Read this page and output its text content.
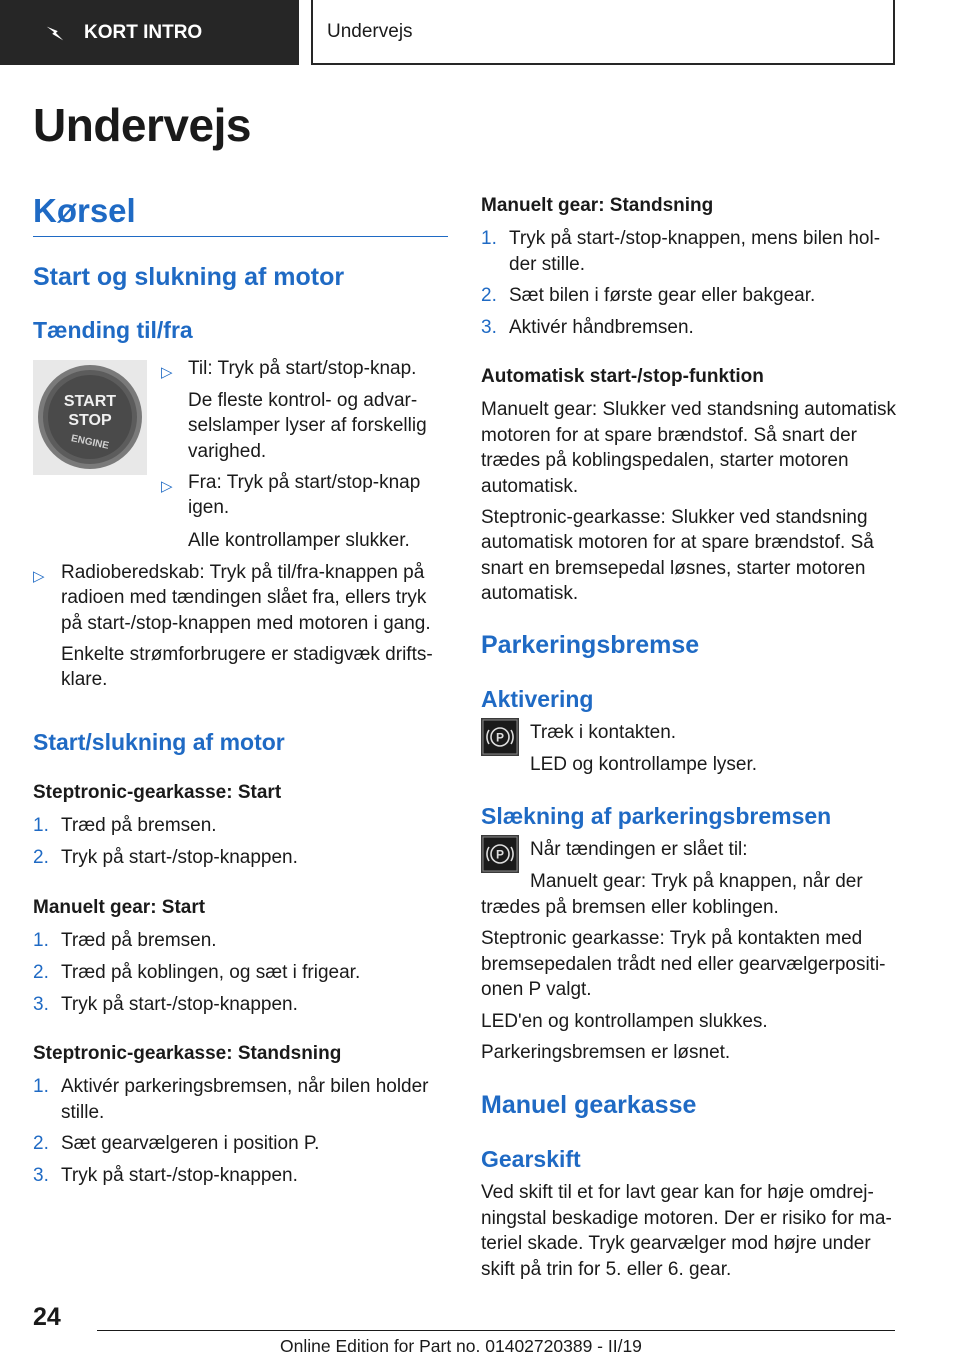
KORT INTRO	Undervejs
Undervejs
Kørsel
Start og slukning af motor
Tænding til/fra
START
STOP
ENGINE
▷ Til: Tryk på start/stop-knap.
De fleste kontrol- og advar-
selslamper lyser af forskellig
varighed.
▷ Fra: Tryk på start/stop-knap
igen.
Alle kontrollamper slukker.
▷ Radioberedskab: Tryk på til/fra-knappen på
radioen med tændingen slået fra, ellers tryk
på start-/stop-knappen med motoren i gang.
Enkelte strømforbrugere er stadigvæk drifts-
klare.
Start/slukning af motor
Steptronic-gearkasse: Start
1. Træd på bremsen.
2. Tryk på start-/stop-knappen.
Manuelt gear: Start
1. Træd på bremsen.
2. Træd på koblingen, og sæt i frigear.
3. Tryk på start-/stop-knappen.
Steptronic-gearkasse: Standsning
1. Aktivér parkeringsbremsen, når bilen holder
stille.
2. Sæt gearvælgeren i position P.
3. Tryk på start-/stop-knappen.
Manuelt gear: Standsning
1. Tryk på start-/stop-knappen, mens bilen hol-
der stille.
2. Sæt bilen i første gear eller bakgear.
3. Aktivér håndbremsen.
Automatisk start-/stop-funktion
Manuelt gear: Slukker ved standsning automatisk
motoren for at spare brændstof. Så snart der
trædes på koblingspedalen, starter motoren
automatisk.
Steptronic-gearkasse: Slukker ved standsning
automatisk motoren for at spare brændstof. Så
snart en bremsepedal løsnes, starter motoren
automatisk.
Parkeringsbremse
Aktivering
P Træk i kontakten.
LED og kontrollampe lyser.
Slækning af parkeringsbremsen
P Når tændingen er slået til:
Manuelt gear: Tryk på knappen, når der
trædes på bremsen eller koblingen.
Steptronic gearkasse: Tryk på kontakten med
bremsepedalen trådt ned eller gearvælgerpositi-
onen P valgt.
LED'en og kontrollampen slukkes.
Parkeringsbremsen er løsnet.
Manuel gearkasse
Gearskift
Ved skift til et for lavt gear kan for høje omdrej-
ningstal beskadige motoren. Der er risiko for ma-
teriel skade. Tryk gearvælger mod højre under
skift på trin for 5. eller 6. gear.
24
Online Edition for Part no. 01402720389 - II/19
